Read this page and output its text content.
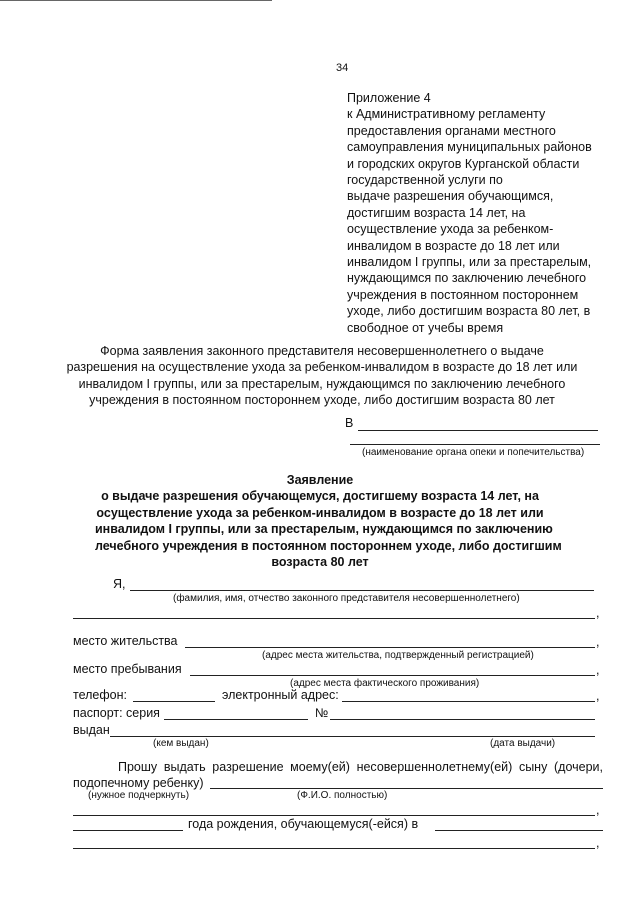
34
Приложение 4
к Административному регламенту
предоставления органами местного
самоуправления муниципальных районов
и городских округов Курганской области
государственной услуги по
выдаче разрешения обучающимся,
достигшим возраста 14 лет, на
осуществление ухода за ребенком-
инвалидом в возрасте до 18 лет или
инвалидом I группы, или за престарелым,
нуждающимся по заключению лечебного
учреждения в постоянном постороннем
уходе, либо достигшим возраста 80 лет, в
свободное от учебы время
Форма заявления законного представителя несовершеннолетнего о выдаче
разрешения на осуществление ухода за ребенком-инвалидом в возрасте до 18 лет или
инвалидом I группы, или за престарелым, нуждающимся по заключению лечебного
учреждения в постоянном постороннем уходе, либо достигшим возраста 80 лет
В
(наименование органа опеки и попечительства)
Заявление
о выдаче разрешения обучающемуся, достигшему возраста 14 лет, на
осуществление ухода за ребенком-инвалидом в возрасте до 18 лет или
инвалидом I группы, или за престарелым, нуждающимся по заключению
лечебного учреждения в постоянном постороннем уходе, либо достигшим
возраста 80 лет
Я,
(фамилия, имя, отчество законного представителя несовершеннолетнего)
,
место жительства	,
(адрес места жительства, подтвержденный регистрацией)
место пребывания	,
(адрес места фактического проживания)
телефон:	электронный адрес:	,
паспорт: серия	№
выдан
(кем выдан)	(дата выдачи)
Прошу выдать разрешение моему(ей) несовершеннолетнему(ей) сыну (дочери,
подопечному ребенку)
(нужное подчеркнуть)	(Ф.И.О. полностью)
,
года рождения, обучающемуся(-ейся) в
,
